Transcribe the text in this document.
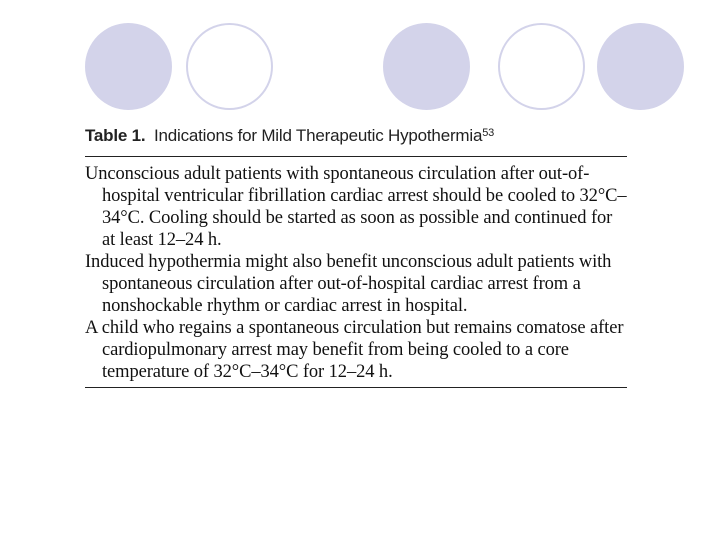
Table 1. Indications for Mild Therapeutic Hypothermia$^{53}$
Unconscious adult patients with spontaneous circulation after out-of-hospital ventricular fibrillation cardiac arrest should be cooled to 32°C–34°C. Cooling should be started as soon as possible and continued for at least 12–24 h.
Induced hypothermia might also benefit unconscious adult patients with spontaneous circulation after out-of-hospital cardiac arrest from a nonshockable rhythm or cardiac arrest in hospital.
A child who regains a spontaneous circulation but remains comatose after cardiopulmonary arrest may benefit from being cooled to a core temperature of 32°C–34°C for 12–24 h.
